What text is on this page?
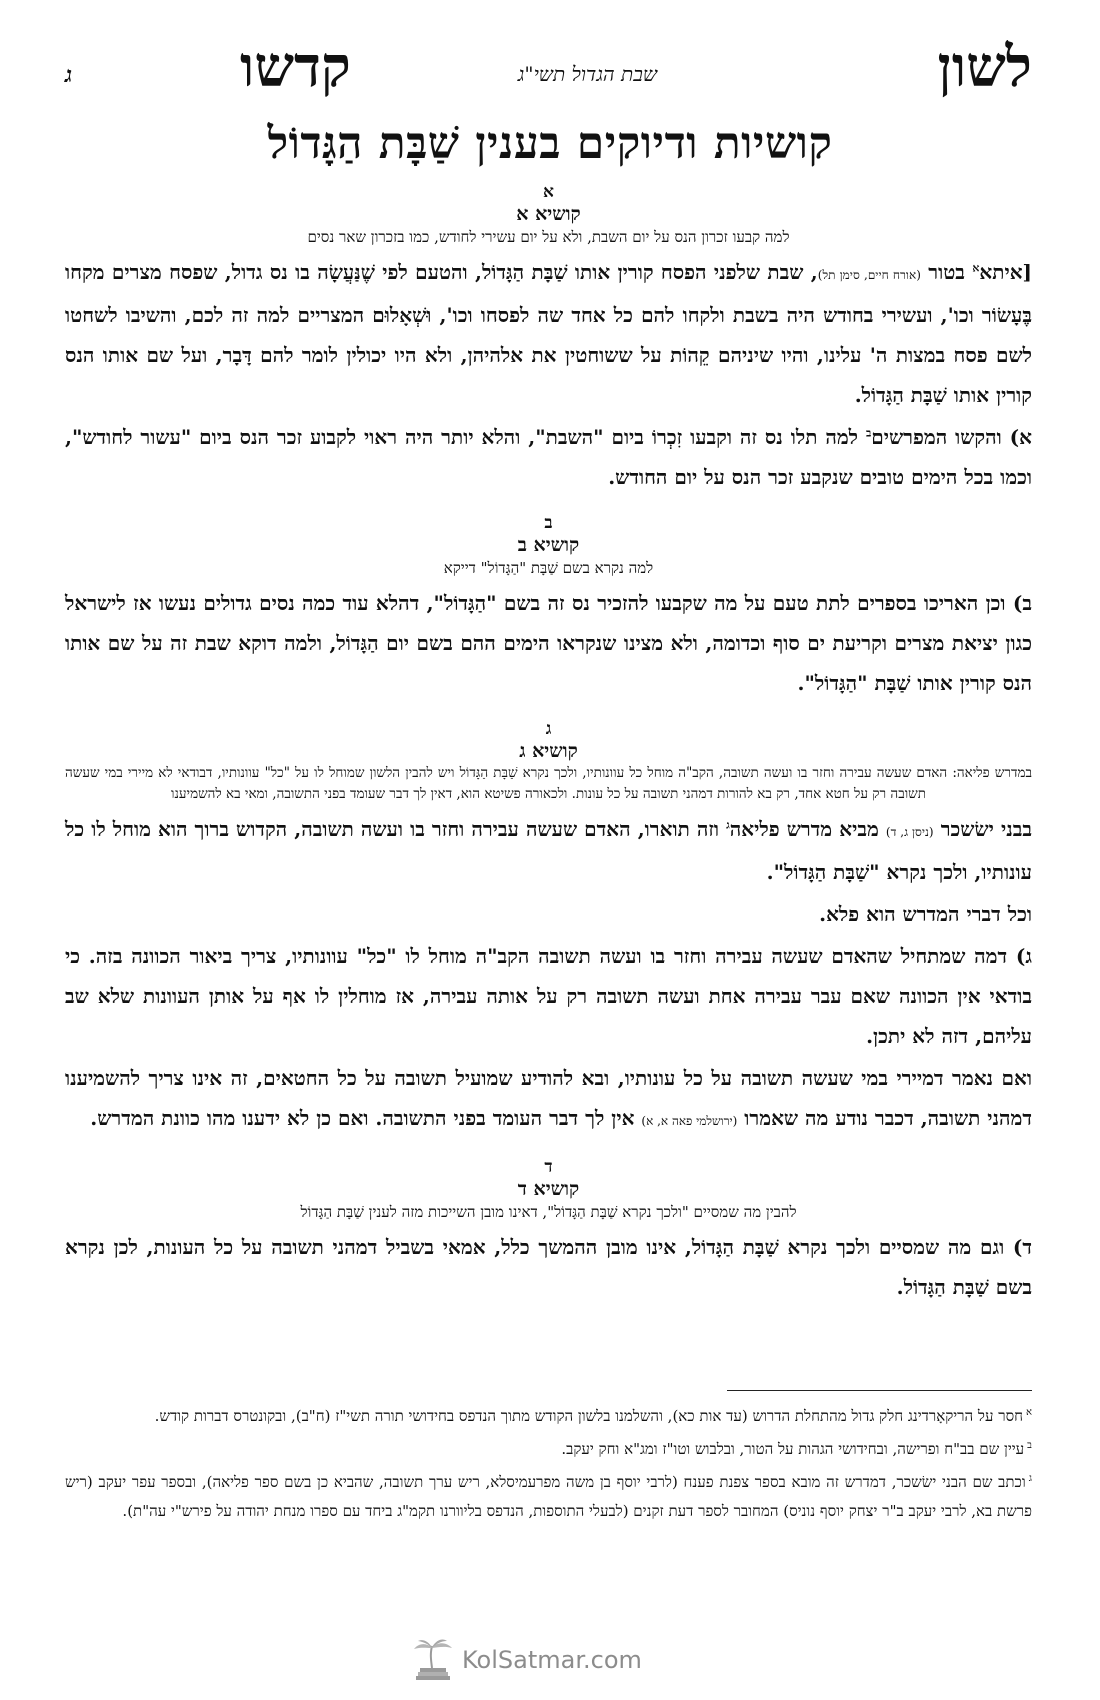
לשון
שבת הגדול תשי"ג
קדשו
ג
קושיות ודיוקים בענין שַׁבָּת הַגָּדוֹל
א
קושיא א
למה קבעו זכרון הנס על יום השבת, ולא על יום עשירי לחודש, כמו בזכרון שאר נסים

[איתא$^א$ בטור (אורח חיים, סימן תל), שבת שלפני הפסח קורין אותו שַׁבָּת הַגָּדוֹל, והטעם לפי שֶׁנַּעֲשָׂה בו נס גדול, שפסח מצרים מקחו בֶּעָשׂוֹר וכו', ועשירי בחודש היה בשבת ולקחו להם כל אחד שה לפסחו וכו', וּשְׁאָלוּם המצריים למה זה לכם, והשיבו לשחטו לשם פסח במצות ה' עלינו, והיו שיניהם קֵהוֹת על ששוחטין את אלהיהן, ולא היו יכולין לומר להם דָּבָר, ועל שם אותו הנס קורין אותו שַׁבָּת הַגָּדוֹל.

א) והקשו המפרשים$^ב$ למה תלו נס זה וקבעו זִכְרוֹ ביום "השבת", והלא יותר היה ראוי לקבוע זכר הנס ביום "עשור לחודש", וכמו בכל הימים טובים שנקבע זכר הנס על יום החודש.

ב
קושיא ב
למה נקרא בשם שַׁבָּת "הַגָּדוֹל" דייקא

ב) וכן האריכו בספרים לתת טעם על מה שקבעו להזכיר נס זה בשם "הַגָּדוֹל", דהלא עוד כמה נסים גדולים נעשו אז לישראל כגון יציאת מצרים וקריעת ים סוף וכדומה, ולא מצינו שנקראו הימים ההם בשם יום הַגָּדוֹל, ולמה דוקא שבת זה על שם אותו הנס קורין אותו שַׁבָּת "הַגָּדוֹל".

ג
קושיא ג
במדרש פליאה: האדם שעשה עבירה וחזר בו ועשה תשובה, הקב"ה מוחל כל עוונותיו, ולכך נקרא שַׁבָּת הַגָּדוֹל ויש להבין הלשון שמוחל לו על "כל" עוונותיו, דבודאי לא מיירי במי שעשה תשובה רק על חטא אחד, רק בא להורות דמהני תשובה על כל עונות. ולכאורה פשיטא הוא, דאין לך דבר שעומד בפני התשובה, ומאי בא להשמיענו

בבני ישׂשכר (ניסן ג, ד) מביא מדרש פליאה$^ג$ וזה תוארו, האדם שעשה עבירה וחזר בו ועשה תשובה, הקדוש ברוך הוא מוחל לו כל עונותיו, ולכך נקרא "שַׁבָּת הַגָּדוֹל".

וכל דברי המדרש הוא פלא.

ג) דמה שמתחיל שהאדם שעשה עבירה וחזר בו ועשה תשובה הקב"ה מוחל לו "כל" עוונותיו, צריך ביאור הכוונה בזה. כי בודאי אין הכוונה שאם עבר עבירה אחת ועשה תשובה רק על אותה עבירה, אז מוחלין לו אף על אותן העוונות שלא שב עליהם, דזה לא יתכן.

ואם נאמר דמיירי במי שעשה תשובה על כל עונותיו, ובא להודיע שמועיל תשובה על כל החטאים, זה אינו צריך להשמיענו דמהני תשובה, דכבר נודע מה שאמרו (ירושלמי פאה א, א) אין לך דבר העומד בפני התשובה. ואם כן לא ידענו מהו כוונת המדרש.

ד
קושיא ד
להבין מה שמסיים "ולכך נקרא שַׁבָּת הַגָּדוֹל", דאינו מובן השייכות מזה לענין שַׁבָּת הַגָּדוֹל

ד) וגם מה שמסיים ולכך נקרא שַׁבָּת הַגָּדוֹל, אינו מובן ההמשך כלל, אמאי בשביל דמהני תשובה על כל העונות, לכן נקרא בשם שַׁבָּת הַגָּדוֹל.

$^א$חסר על הריקאָרדינג חלק גדול מהתחלת הדרוש (עד אות כא), והשלמנו בלשון הקודש מתוך הנדפס בחידושי תורה תשי"ז (ח"ב), ובקונטרס דברות קודש.

$^ב$עיין שם בב"ח ופרישה, ובחידושי הגהות על הטור, ובלבוש וטו"ז ומג"א וחק יעקב.

$^ג$וכתב שם הבני ישׂשכר, דמדרש זה מובא בספר צפנת פענח (לרבי יוסף בן משה מפרעמיסלא, ריש ערך תשובה, שהביא כן בשם ספר פליאה), ובספר עפר יעקב (ריש פרשת בא, לרבי יעקב ב"ר יצחק יוסף נוניס) המחובר לספר דעת זקנים (לבעלי התוספות, הנדפס בליוורנו תקמ"ג ביחד עם ספרו מנחת יהודה על פירש"י עה"ת).

KolSatmar.com
